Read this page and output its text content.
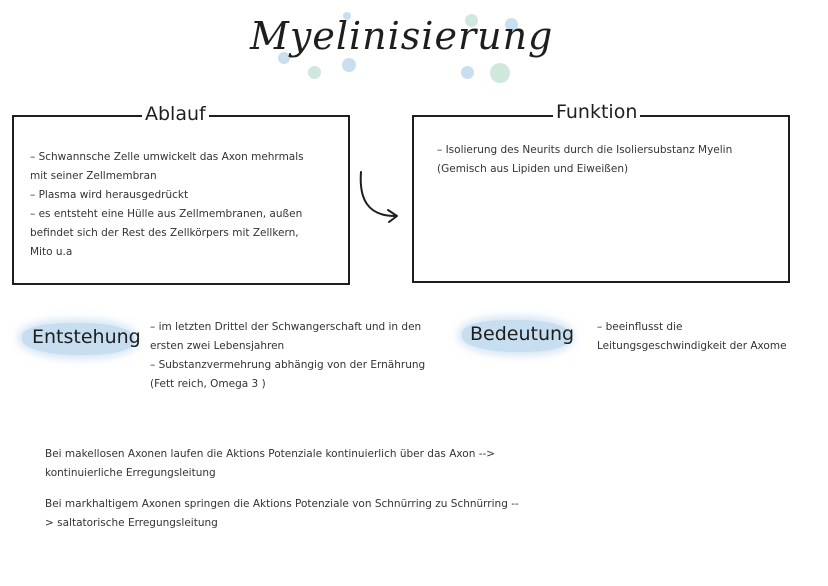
Myelinisierung
Ablauf

– Schwannsche Zelle umwickelt das Axon mehrmals mit seiner Zellmembran

– Plasma wird herausgedrückt

– es entsteht eine Hülle aus Zellmembranen, außen befindet sich der Rest des Zellkörpers mit Zellkern, Mito u.a

Funktion

– Isolierung des Neurits durch die Isoliersubstanz Myelin (Gemisch aus Lipiden und Eiweißen)

Entstehung – im letzten Drittel der Schwangerschaft und in den ersten zwei Lebensjahren

– Substanzvermehrung abhängig von der Ernährung (Fett reich, Omega 3 )

Bedeutung – beeinflusst die Leitungsgeschwindigkeit der Axome

Bei makellosen Axonen laufen die Aktions Potenziale kontinuierlich über das Axon --> kontinuierliche Erregungsleitung
Bei markhaltigem Axonen springen die Aktions Potenziale von Schnürring zu Schnürring --> saltatorische Erregungsleitung
